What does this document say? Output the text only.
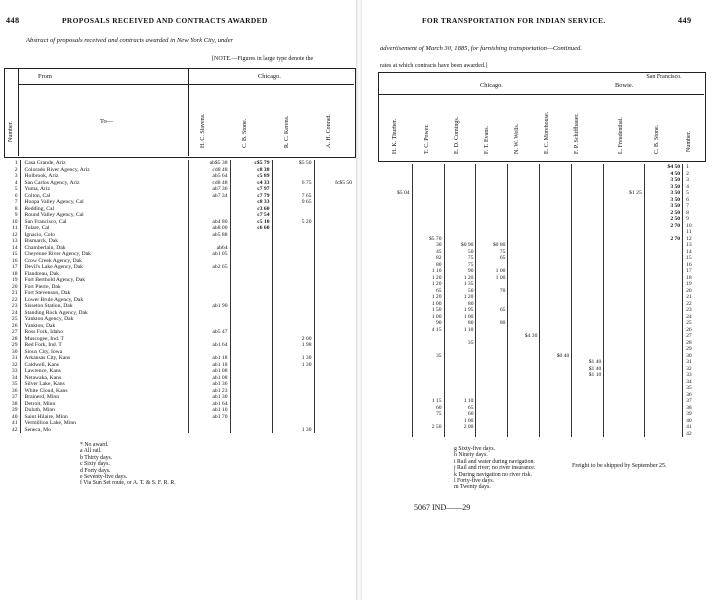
448	PROPOSALS RECEIVED AND CONTRACTS AWARDED
Abstract of proposals received and contracts awarded in New York City, under
[NOTE.—Figures in large type denote the
Number.
From
To—
Chicago.
H. C. Slavens.	C. B. Stone.	R. C. Kerens.	A. H. Conrad.
1	Casa Grande, Ariz	ab$5 38	c$5 79	$5 50	
2	Colorado River Agency, Ariz	cd8 48	c8 38		
3	Holbrook, Ariz	ab5 64	c5 89		
4	San Carlos Agency, Ariz	cd8 48	c4 33	6 75	fc$5 50
5	Yuma, Ariz	ab7 36	c7 97		
6	Colton, Cal	ab7 34	c7 79	7 65	
7	Hoopa Valley Agency, Cal		c8 33	9 65	
8	Redding, Cal		c3 60		
9	Round Valley Agency, Cal		c7 54		
10	San Francisco, Cal	ab4 80	c5 10	5 20	
11	Tulare, Cal	ab8 00	c6 60		
12	Ignacio, Colo	ab5 88			
13	Bismarck, Dak				
14	Chamberlain, Dak	ab64			
15	Cheyenne River Agency, Dak	ab1 05			
16	Crow Creek Agency, Dak				
17	Devil's Lake Agency, Dak	ab2 65			
18	Flandreau, Dak				
19	Fort Berthold Agency, Dak				
20	Fort Pierre, Dak				
21	Fort Stevenson, Dak				
22	Lower Brule Agency, Dak				
23	Sisseton Station, Dak	ab1 90			
24	Standing Rock Agency, Dak				
25	Yankton Agency, Dak				
26	Yankton, Dak				
27	Ross Fork, Idaho	ab5 47			
28	Muscogee, Ind. T			2 00	
29	Red Fork, Ind. T	ab1 64		1 98	
30	Sioux City, Iowa				
31	Arkansas City, Kans	ab1 18		1 30	
32	Caldwell, Kans	ab1 18		1 30	
33	Lawrence, Kans	ab1 08			
34	Netawaka, Kans	ab1 08			
35	Silver Lake, Kans	ab1 36			
36	White Cloud, Kans	ab1 23			
37	Brainerd, Minn	ab1 30			
38	Detroit, Minn	ab1 64			
39	Duluth, Minn	ab1 10			
40	Saint Hilaire, Minn	ab1 70			
41	Vermillion Lake, Minn				
42	Seneca, Mo			1 30	
* No award.
a All rail.
b Thirty days.
c Sixty days.
d Forty days.
e Seventy-five days.
f Via Sun Set route, or A. T. & S. F. R. R.
FOR TRANSPORTATION FOR INDIAN SERVICE.	449
advertisement of March 30, 1885, for furnishing transportation—Continued.
rates at which contracts have been awarded.]
Chicago.	Bowie.
San Francisco.
Number.
H. K. Thurber.	T. C. Power.	E. D. Comings.	F. T. Evans.	N. W. Wells.	E. C. Morehouse.	F. P. Schiffbauer.	L. Freudenthal.	C. B. Stone.
								$4 50	1
								4 50	2
								3 50	3
								3 50	4
$5 04							$1 25	3 50	5
								3 50	6
								3 50	7
								2 50	8
								2 50	9
								2 70	10
									11
	$5 70							2 70	12
	30	$0 90	$0 80						13
	45	50	75						14
	82	75	65						15
	80	75							16
	1 10	90	1 00						17
	1 20	1 20	1 00						18
	1 20	1 35							19
	65	50	70						20
	1 20	1 20							21
	1 00	80							22
	1 50	1 95	65						23
	1 00	1 00							24
	90	80	80						25
	4 15	1 10							26
				$4 30					27
		35							28
									29
	35				$0 40				30
						$1 40			31
						$1 40			32
						$1 10			33
									34
									35
									36
	1 15	1 10							37
	60	65							38
	75	60							39
		1 00							40
	2 50	2 00							41
									42
g Sixty-five days.
h Ninety days.
i Rail and water during navigation.
j Rail and river; no river insurance.
k During navigation no river risk.
l Forty-five days.
m Twenty days.
Freight to be shipped by September 25.
5067 IND——29
